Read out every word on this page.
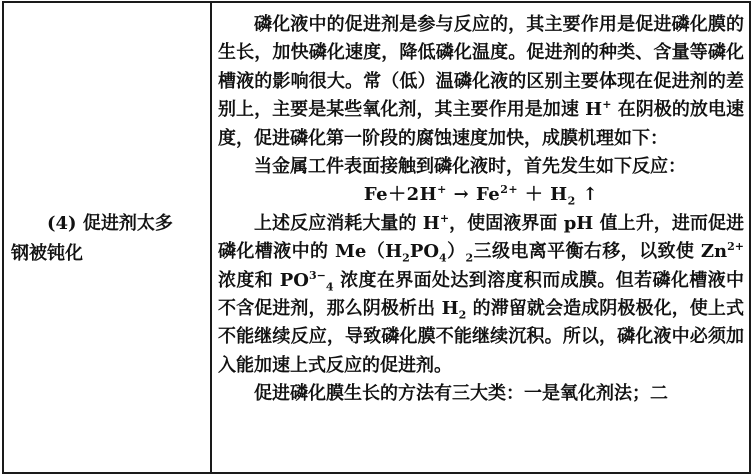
(4) 促进剂太多
钢被钝化
磷化液中的促进剂是参与反应的，其主要作用是促进磷化膜的生长，加快磷化速度，降低磷化温度。促进剂的种类、含量等磷化槽液的影响很大。常（低）温磷化液的区别主要体现在促进剂的差别上，主要是某些氧化剂，其主要作用是加速 H+ 在阴极的放电速度，促进磷化第一阶段的腐蚀速度加快，成膜机理如下：
当金属工件表面接触到磷化液时，首先发生如下反应：
$Fe+2H^+ \to Fe^{2+} + H_2$ ↑
上述反应消耗大量的 H+，使固液界面 pH 值上升，进而促进磷化槽液中的 $Me(H_2PO_4)_2$三级电离平衡右移，以致使 $Zn^{2+}$ 浓度和 $PO^{3-}_4$ 浓度在界面处达到溶度积而成膜。但若磷化槽液中不含促进剂，那么阴极析出 $H_2$ 的滞留就会造成阴极极化，使上式不能继续反应，导致磷化膜不能继续沉积。所以，磷化液中必须加入能加速上式反应的促进剂。
促进磷化膜生长的方法有三大类：一是氧化剂法；二
